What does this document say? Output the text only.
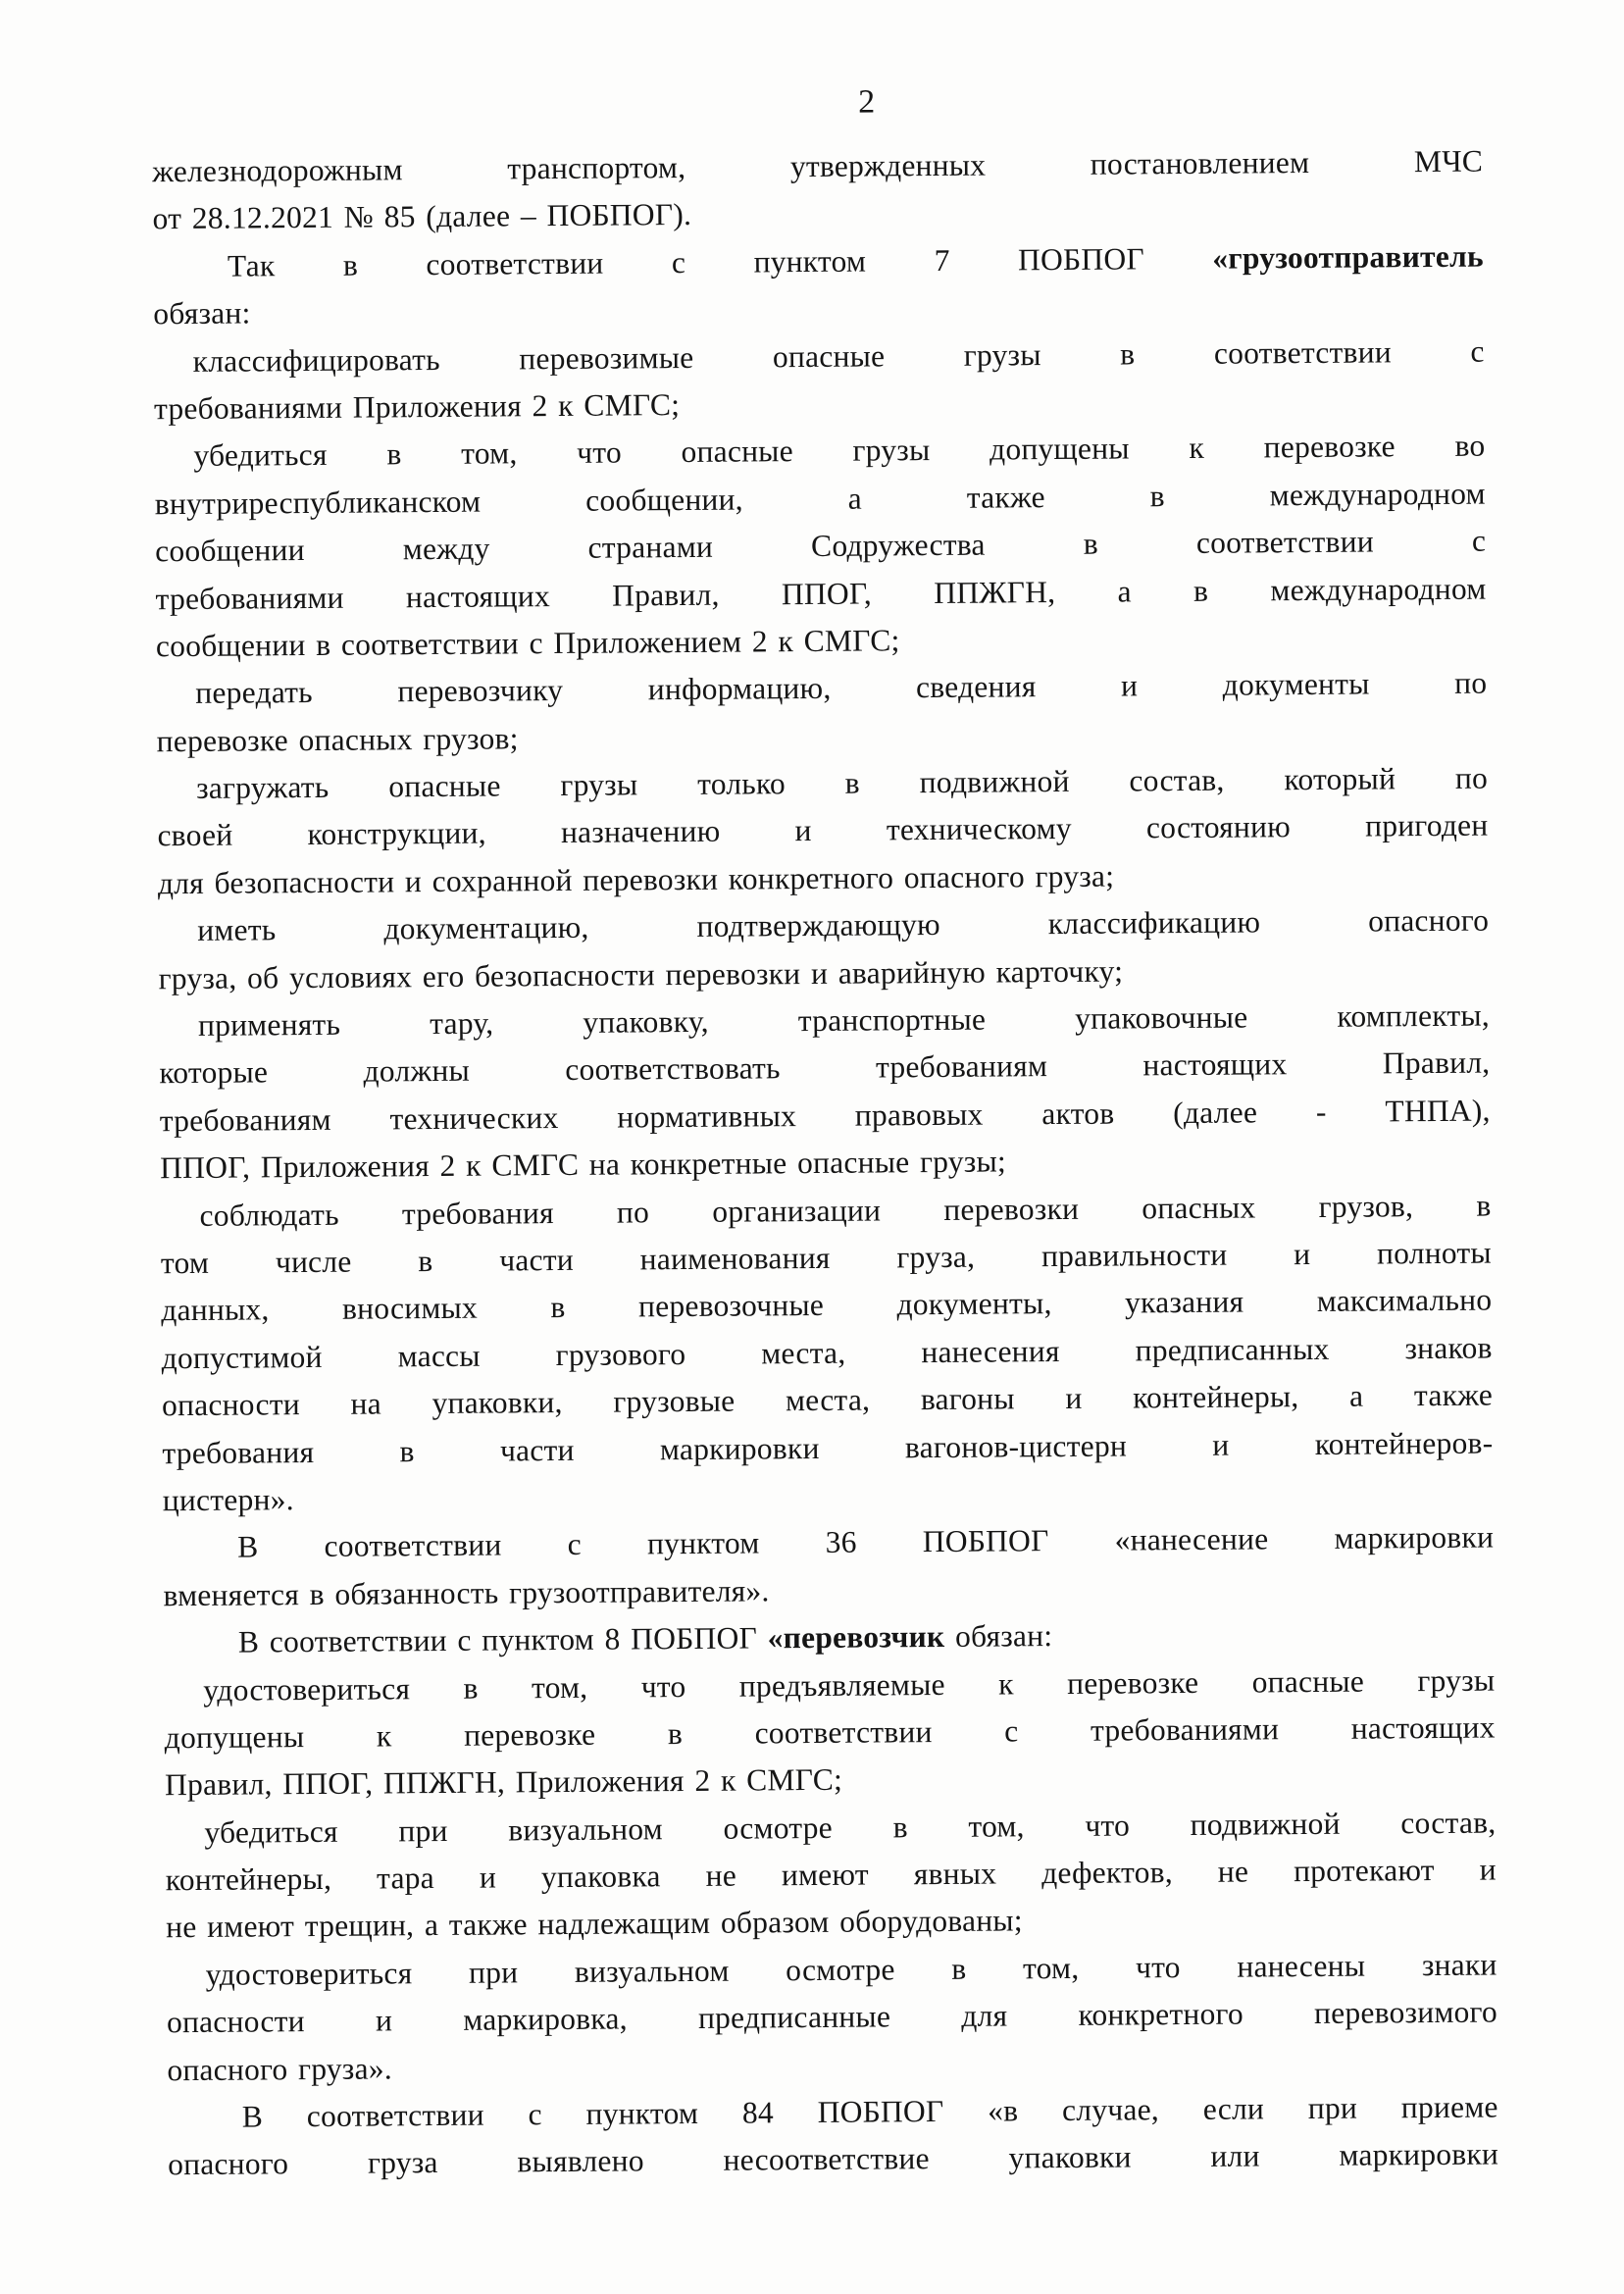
2
железнодорожным транспортом, утвержденных постановлением МЧС
от 28.12.2021 № 85 (далее – ПОБПОГ).
Так в соответствии с пунктом 7 ПОБПОГ «грузоотправитель
обязан:
классифицировать перевозимые опасные грузы в соответствии с
требованиями Приложения 2 к СМГС;
убедиться в том, что опасные грузы допущены к перевозке во
внутриреспубликанском сообщении, а также в международном
сообщении между странами Содружества в соответствии с
требованиями настоящих Правил, ППОГ, ППЖГН, а в международном
сообщении в соответствии с Приложением 2 к СМГС;
передать перевозчику информацию, сведения и документы по
перевозке опасных грузов;
загружать опасные грузы только в подвижной состав, который по
своей конструкции, назначению и техническому состоянию пригоден
для безопасности и сохранной перевозки конкретного опасного груза;
иметь документацию, подтверждающую классификацию опасного
груза, об условиях его безопасности перевозки и аварийную карточку;
применять тару, упаковку, транспортные упаковочные комплекты,
которые должны соответствовать требованиям настоящих Правил,
требованиям технических нормативных правовых актов (далее - ТНПА),
ППОГ, Приложения 2 к СМГС на конкретные опасные грузы;
соблюдать требования по организации перевозки опасных грузов, в
том числе в части наименования груза, правильности и полноты
данных, вносимых в перевозочные документы, указания максимально
допустимой массы грузового места, нанесения предписанных знаков
опасности на упаковки, грузовые места, вагоны и контейнеры, а также
требования в части маркировки вагонов-цистерн и контейнеров-
цистерн».
В соответствии с пунктом 36 ПОБПОГ «нанесение маркировки
вменяется в обязанность грузоотправителя».
В соответствии с пунктом 8 ПОБПОГ «перевозчик обязан:
удостовериться в том, что предъявляемые к перевозке опасные грузы
допущены к перевозке в соответствии с требованиями настоящих
Правил, ППОГ, ППЖГН, Приложения 2 к СМГС;
убедиться при визуальном осмотре в том, что подвижной состав,
контейнеры, тара и упаковка не имеют явных дефектов, не протекают и
не имеют трещин, а также надлежащим образом оборудованы;
удостовериться при визуальном осмотре в том, что нанесены знаки
опасности и маркировка, предписанные для конкретного перевозимого
опасного груза».
В соответствии с пунктом 84 ПОБПОГ «в случае, если при приеме
опасного груза выявлено несоответствие упаковки или маркировки
